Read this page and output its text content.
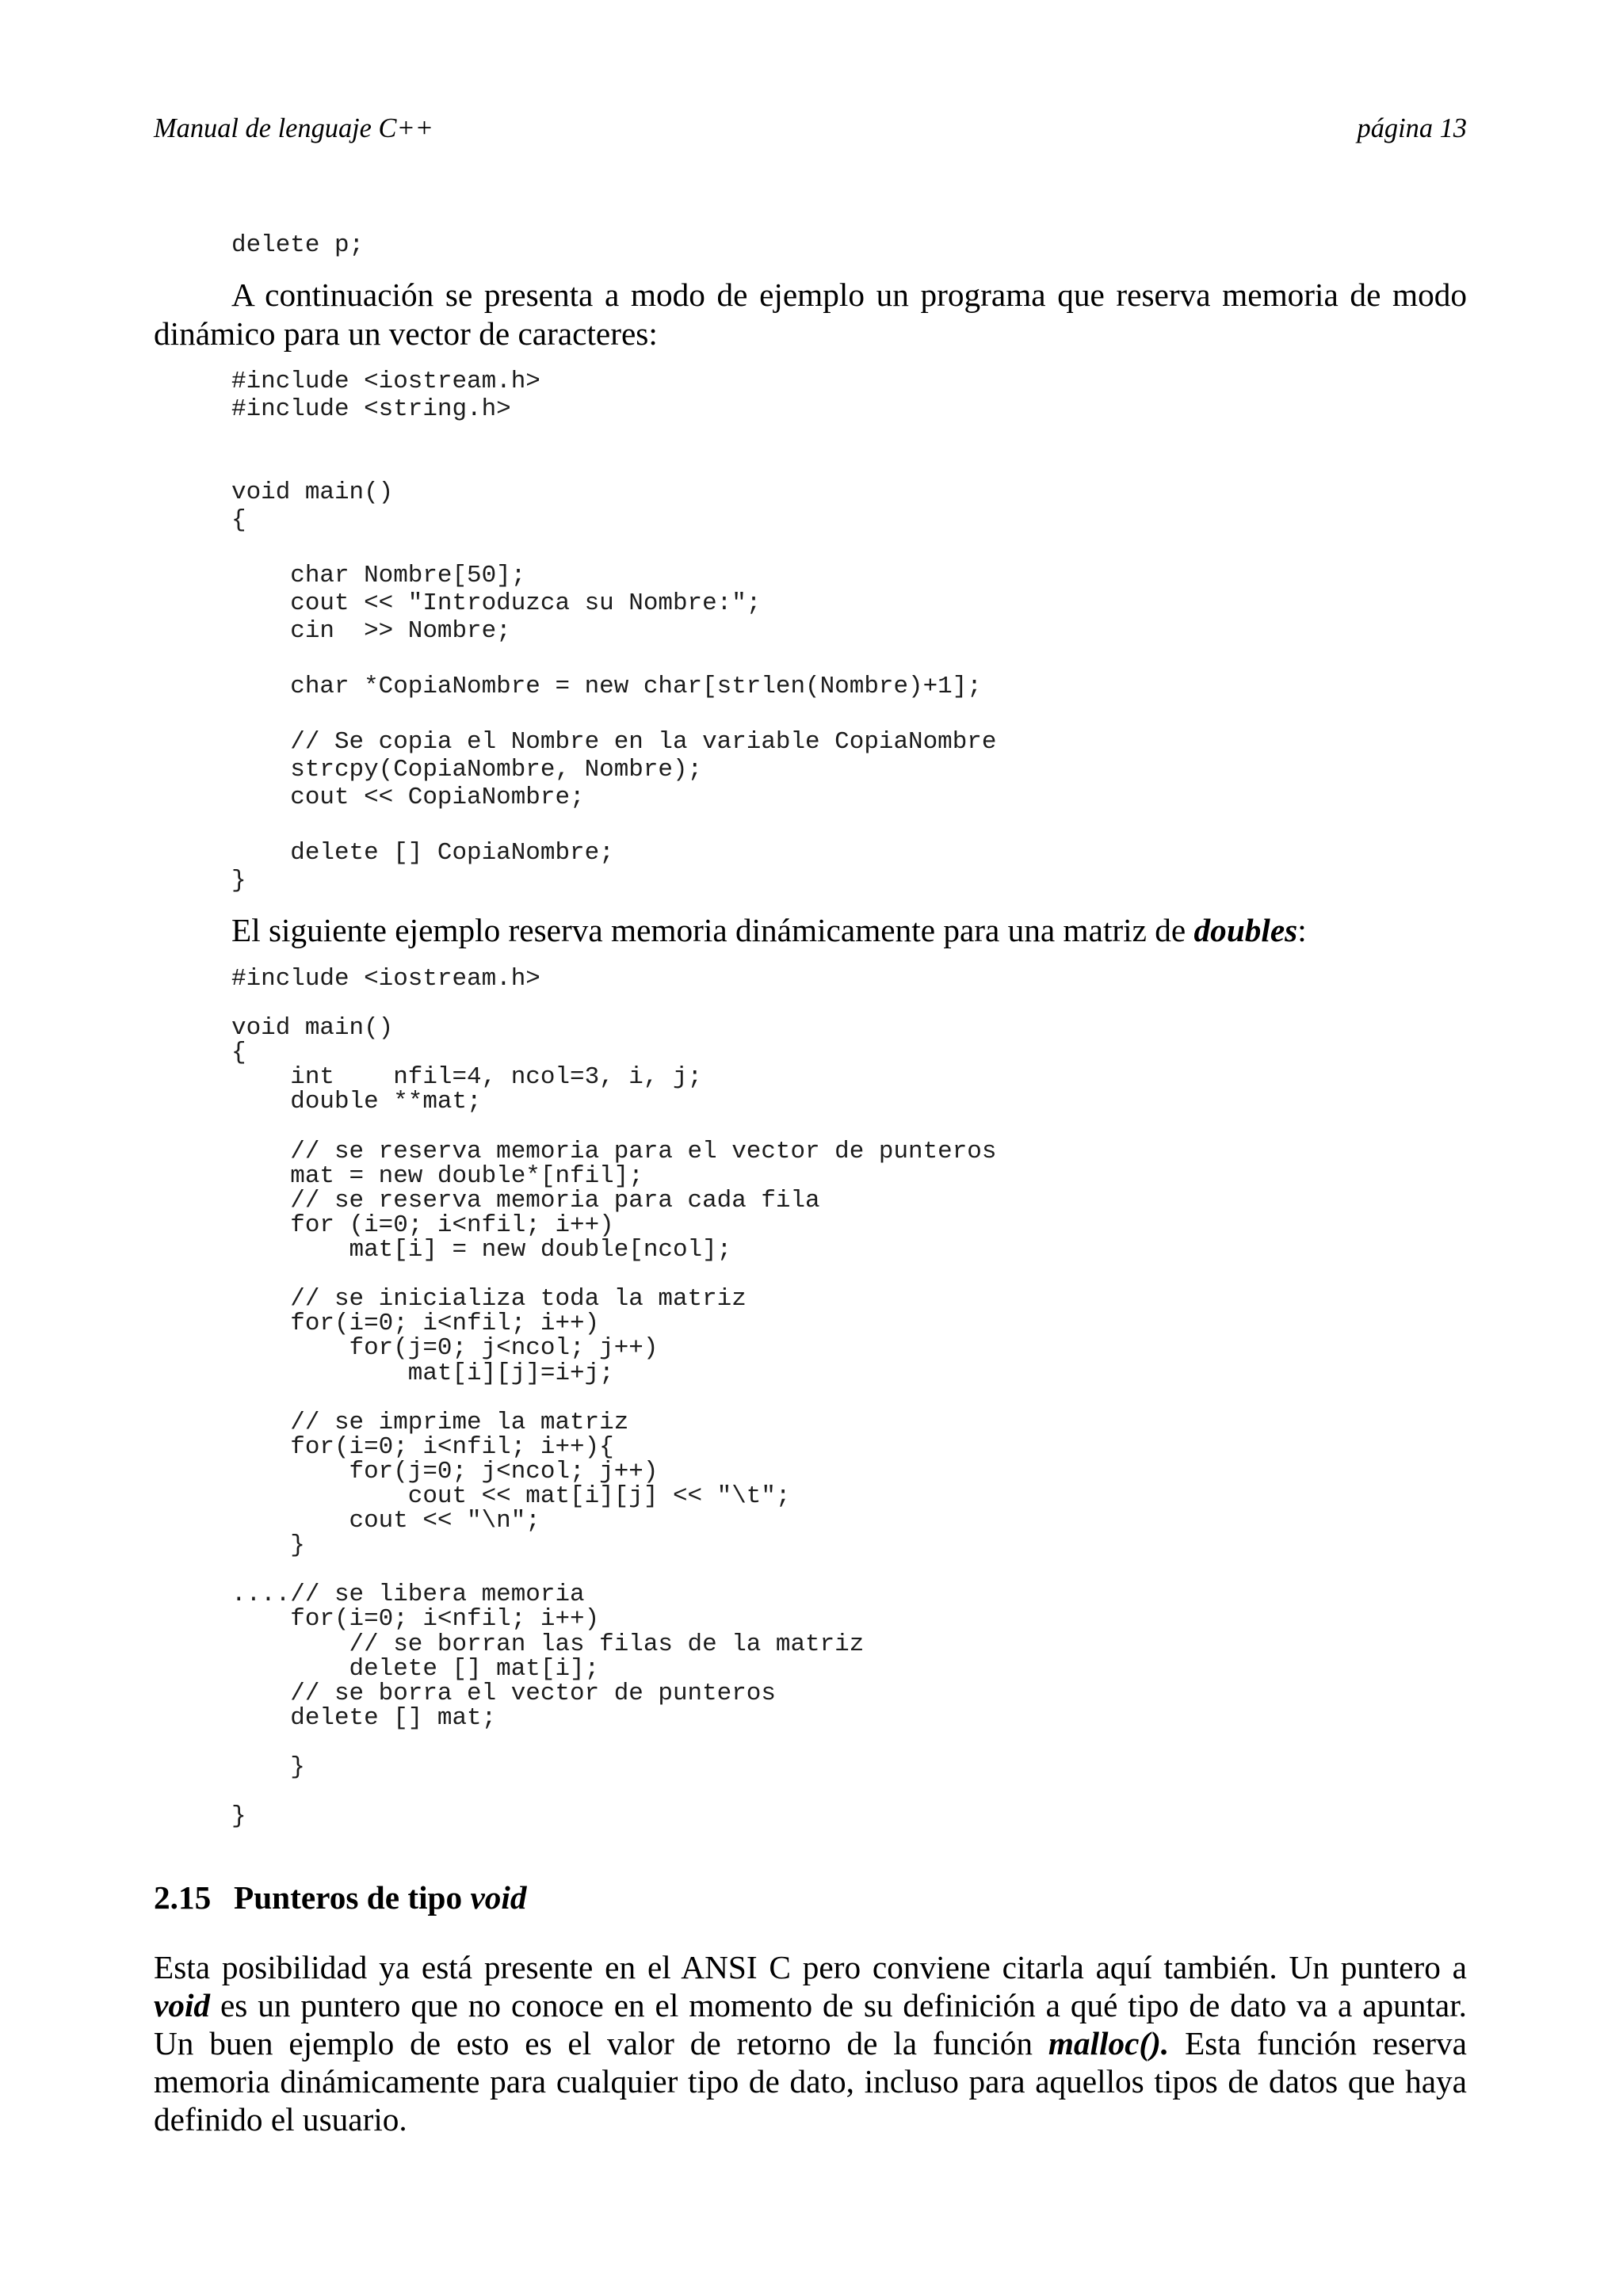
Manual de lenguaje C++	página 13
delete p;
A continuación se presenta a modo de ejemplo un programa que reserva memoria de modo
dinámico para un vector de caracteres:
#include <iostream.h>
#include <string.h>
void main()
{
char Nombre[50];
cout << "Introduzca su Nombre:";
cin  >> Nombre;
char *CopiaNombre = new char[strlen(Nombre)+1];
// Se copia el Nombre en la variable CopiaNombre
strcpy(CopiaNombre, Nombre);
cout << CopiaNombre;
delete [] CopiaNombre;
}
El siguiente ejemplo reserva memoria dinámicamente para una matriz de doubles:
#include <iostream.h>
void main()
{
int    nfil=4, ncol=3, i, j;
double **mat;
// se reserva memoria para el vector de punteros
mat = new double*[nfil];
// se reserva memoria para cada fila
for (i=0; i<nfil; i++)
mat[i] = new double[ncol];
// se inicializa toda la matriz
for(i=0; i<nfil; i++)
for(j=0; j<ncol; j++)
mat[i][j]=i+j;
// se imprime la matriz
for(i=0; i<nfil; i++){
for(j=0; j<ncol; j++)
cout << mat[i][j] << "\t";
cout << "\n";
}
....// se libera memoria
for(i=0; i<nfil; i++)
// se borran las filas de la matriz
delete [] mat[i];
// se borra el vector de punteros
delete [] mat;
}
}
2.15 Punteros de tipo void
Esta posibilidad ya está presente en el ANSI C pero conviene citarla aquí también. Un puntero a
void es un puntero que no conoce en el momento de su definición a qué tipo de dato va a apuntar.
Un buen ejemplo de esto es el valor de retorno de la función malloc(). Esta función reserva
memoria dinámicamente para cualquier tipo de dato, incluso para aquellos tipos de datos que haya
definido el usuario.
